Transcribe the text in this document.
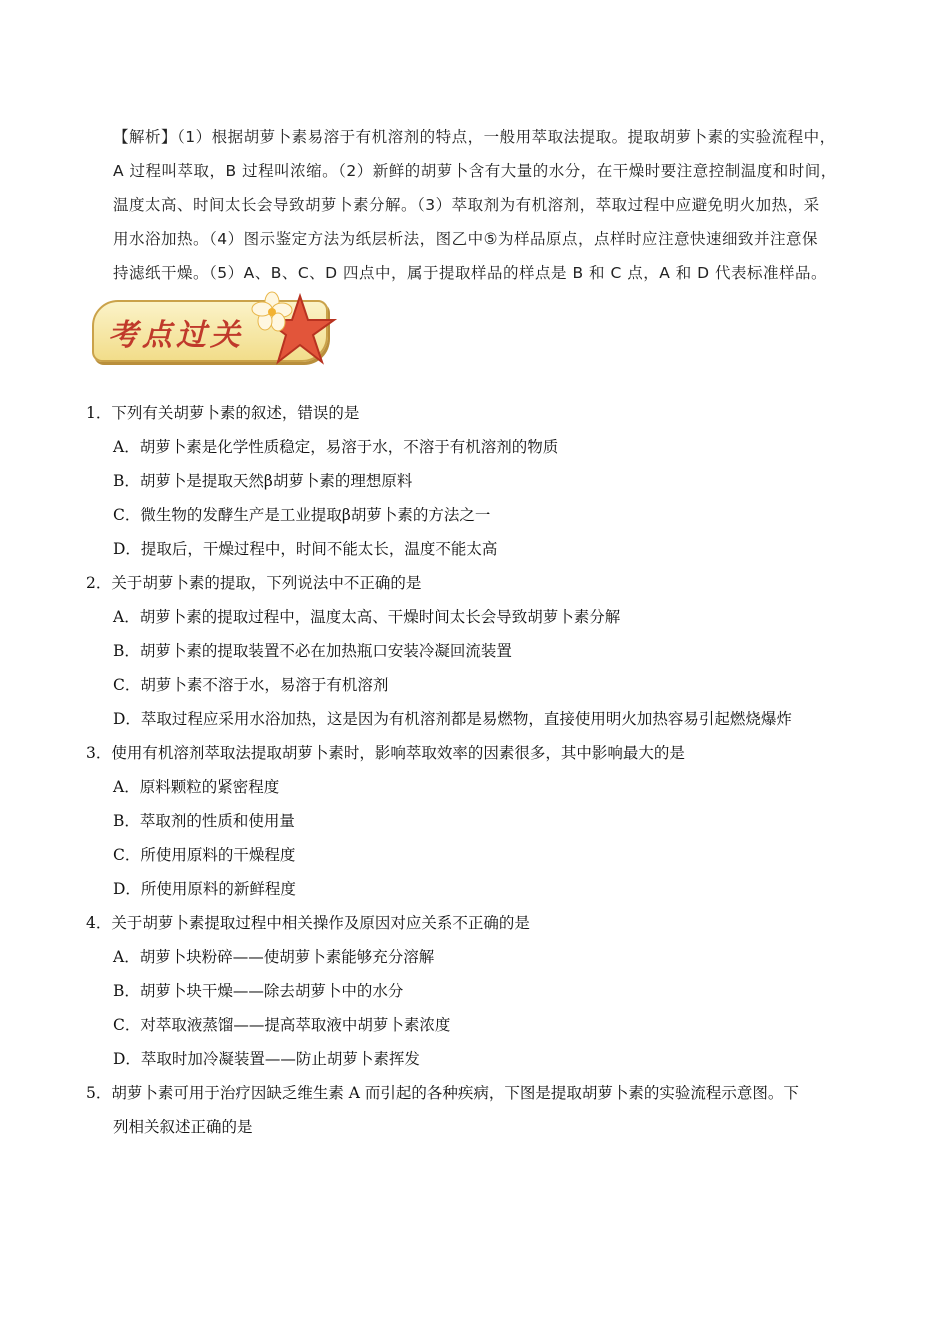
【解析】（1）根据胡萝卜素易溶于有机溶剂的特点，一般用萃取法提取。提取胡萝卜素的实验流程中，
A 过程叫萃取，B 过程叫浓缩。（2）新鲜的胡萝卜含有大量的水分，在干燥时要注意控制温度和时间，
温度太高、时间太长会导致胡萝卜素分解。（3）萃取剂为有机溶剂，萃取过程中应避免明火加热，采
用水浴加热。（4）图示鉴定方法为纸层析法，图乙中⑤为样品原点，点样时应注意快速细致并注意保
持滤纸干燥。（5）A、B、C、D 四点中，属于提取样品的样点是 B 和 C 点，A 和 D 代表标准样品。
考点过关
1．下列有关胡萝卜素的叙述，错误的是
A．胡萝卜素是化学性质稳定，易溶于水，不溶于有机溶剂的物质
B．胡萝卜是提取天然β胡萝卜素的理想原料
C．微生物的发酵生产是工业提取β胡萝卜素的方法之一
D．提取后，干燥过程中，时间不能太长，温度不能太高
2．关于胡萝卜素的提取，下列说法中不正确的是
A．胡萝卜素的提取过程中，温度太高、干燥时间太长会导致胡萝卜素分解
B．胡萝卜素的提取装置不必在加热瓶口安装冷凝回流装置
C．胡萝卜素不溶于水，易溶于有机溶剂
D．萃取过程应采用水浴加热，这是因为有机溶剂都是易燃物，直接使用明火加热容易引起燃烧爆炸
3．使用有机溶剂萃取法提取胡萝卜素时，影响萃取效率的因素很多，其中影响最大的是
A．原料颗粒的紧密程度
B．萃取剂的性质和使用量
C．所使用原料的干燥程度
D．所使用原料的新鲜程度
4．关于胡萝卜素提取过程中相关操作及原因对应关系不正确的是
A．胡萝卜块粉碎——使胡萝卜素能够充分溶解
B．胡萝卜块干燥——除去胡萝卜中的水分
C．对萃取液蒸馏——提高萃取液中胡萝卜素浓度
D．萃取时加冷凝装置——防止胡萝卜素挥发
5．胡萝卜素可用于治疗因缺乏维生素 A 而引起的各种疾病，下图是提取胡萝卜素的实验流程示意图。下
列相关叙述正确的是
